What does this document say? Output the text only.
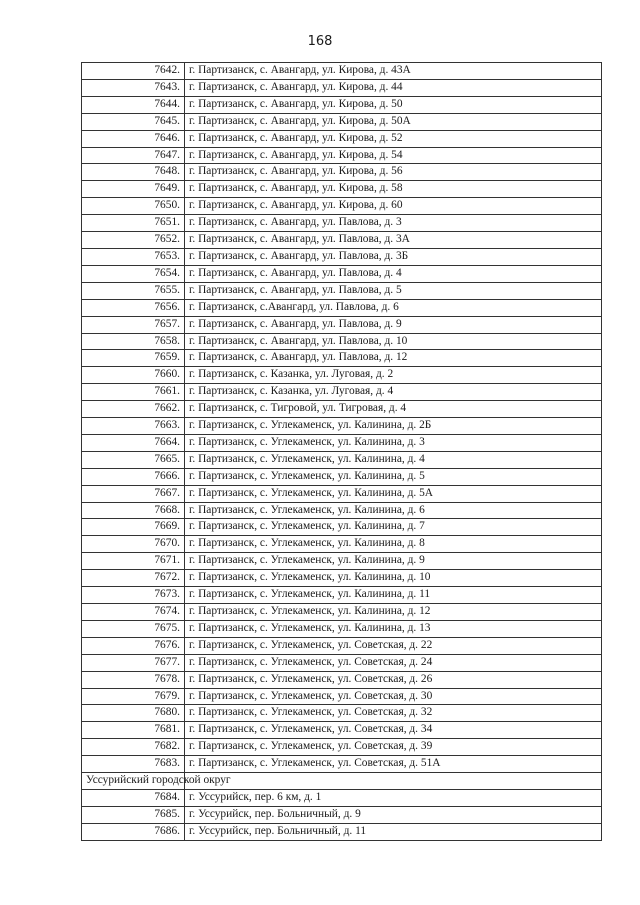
168
7642.	г. Партизанск, с. Авангард, ул. Кирова, д. 43А
7643.	г. Партизанск, с. Авангард, ул. Кирова, д. 44
7644.	г. Партизанск, с. Авангард, ул. Кирова, д. 50
7645.	г. Партизанск, с. Авангард, ул. Кирова, д. 50А
7646.	г. Партизанск, с. Авангард, ул. Кирова, д. 52
7647.	г. Партизанск, с. Авангард, ул. Кирова, д. 54
7648.	г. Партизанск, с. Авангард, ул. Кирова, д. 56
7649.	г. Партизанск, с. Авангард, ул. Кирова, д. 58
7650.	г. Партизанск, с. Авангард, ул. Кирова, д. 60
7651.	г. Партизанск, с. Авангард, ул. Павлова, д. 3
7652.	г. Партизанск, с. Авангард, ул. Павлова, д. 3А
7653.	г. Партизанск, с. Авангард, ул. Павлова, д. 3Б
7654.	г. Партизанск, с. Авангард, ул. Павлова, д. 4
7655.	г. Партизанск, с. Авангард, ул. Павлова, д. 5
7656.	г. Партизанск, с.Авангард, ул. Павлова, д. 6
7657.	г. Партизанск, с. Авангард, ул. Павлова, д. 9
7658.	г. Партизанск, с. Авангард, ул. Павлова, д. 10
7659.	г. Партизанск, с. Авангард, ул. Павлова, д. 12
7660.	г. Партизанск, с. Казанка, ул. Луговая, д. 2
7661.	г. Партизанск, с. Казанка, ул. Луговая, д. 4
7662.	г. Партизанск, с. Тигровой, ул. Тигровая, д. 4
7663.	г. Партизанск, с. Углекаменск, ул. Калинина, д. 2Б
7664.	г. Партизанск, с. Углекаменск, ул. Калинина, д. 3
7665.	г. Партизанск, с. Углекаменск, ул. Калинина, д. 4
7666.	г. Партизанск, с. Углекаменск, ул. Калинина, д. 5
7667.	г. Партизанск, с. Углекаменск, ул. Калинина, д. 5А
7668.	г. Партизанск, с. Углекаменск, ул. Калинина, д. 6
7669.	г. Партизанск, с. Углекаменск, ул. Калинина, д. 7
7670.	г. Партизанск, с. Углекаменск, ул. Калинина, д. 8
7671.	г. Партизанск, с. Углекаменск, ул. Калинина, д. 9
7672.	г. Партизанск, с. Углекаменск, ул. Калинина, д. 10
7673.	г. Партизанск, с. Углекаменск, ул. Калинина, д. 11
7674.	г. Партизанск, с. Углекаменск, ул. Калинина, д. 12
7675.	г. Партизанск, с. Углекаменск, ул. Калинина, д. 13
7676.	г. Партизанск, с. Углекаменск, ул. Советская, д. 22
7677.	г. Партизанск, с. Углекаменск, ул. Советская, д. 24
7678.	г. Партизанск, с. Углекаменск, ул. Советская, д. 26
7679.	г. Партизанск, с. Углекаменск, ул. Советская, д. 30
7680.	г. Партизанск, с. Углекаменск, ул. Советская, д. 32
7681.	г. Партизанск, с. Углекаменск, ул. Советская, д. 34
7682.	г. Партизанск, с. Углекаменск, ул. Советская, д. 39
7683.	г. Партизанск, с. Углекаменск, ул. Советская, д. 51А
Уссурийский городской округ	
7684.	г. Уссурийск, пер. 6 км, д. 1
7685.	г. Уссурийск, пер. Больничный, д. 9
7686.	г. Уссурийск, пер. Больничный, д. 11
